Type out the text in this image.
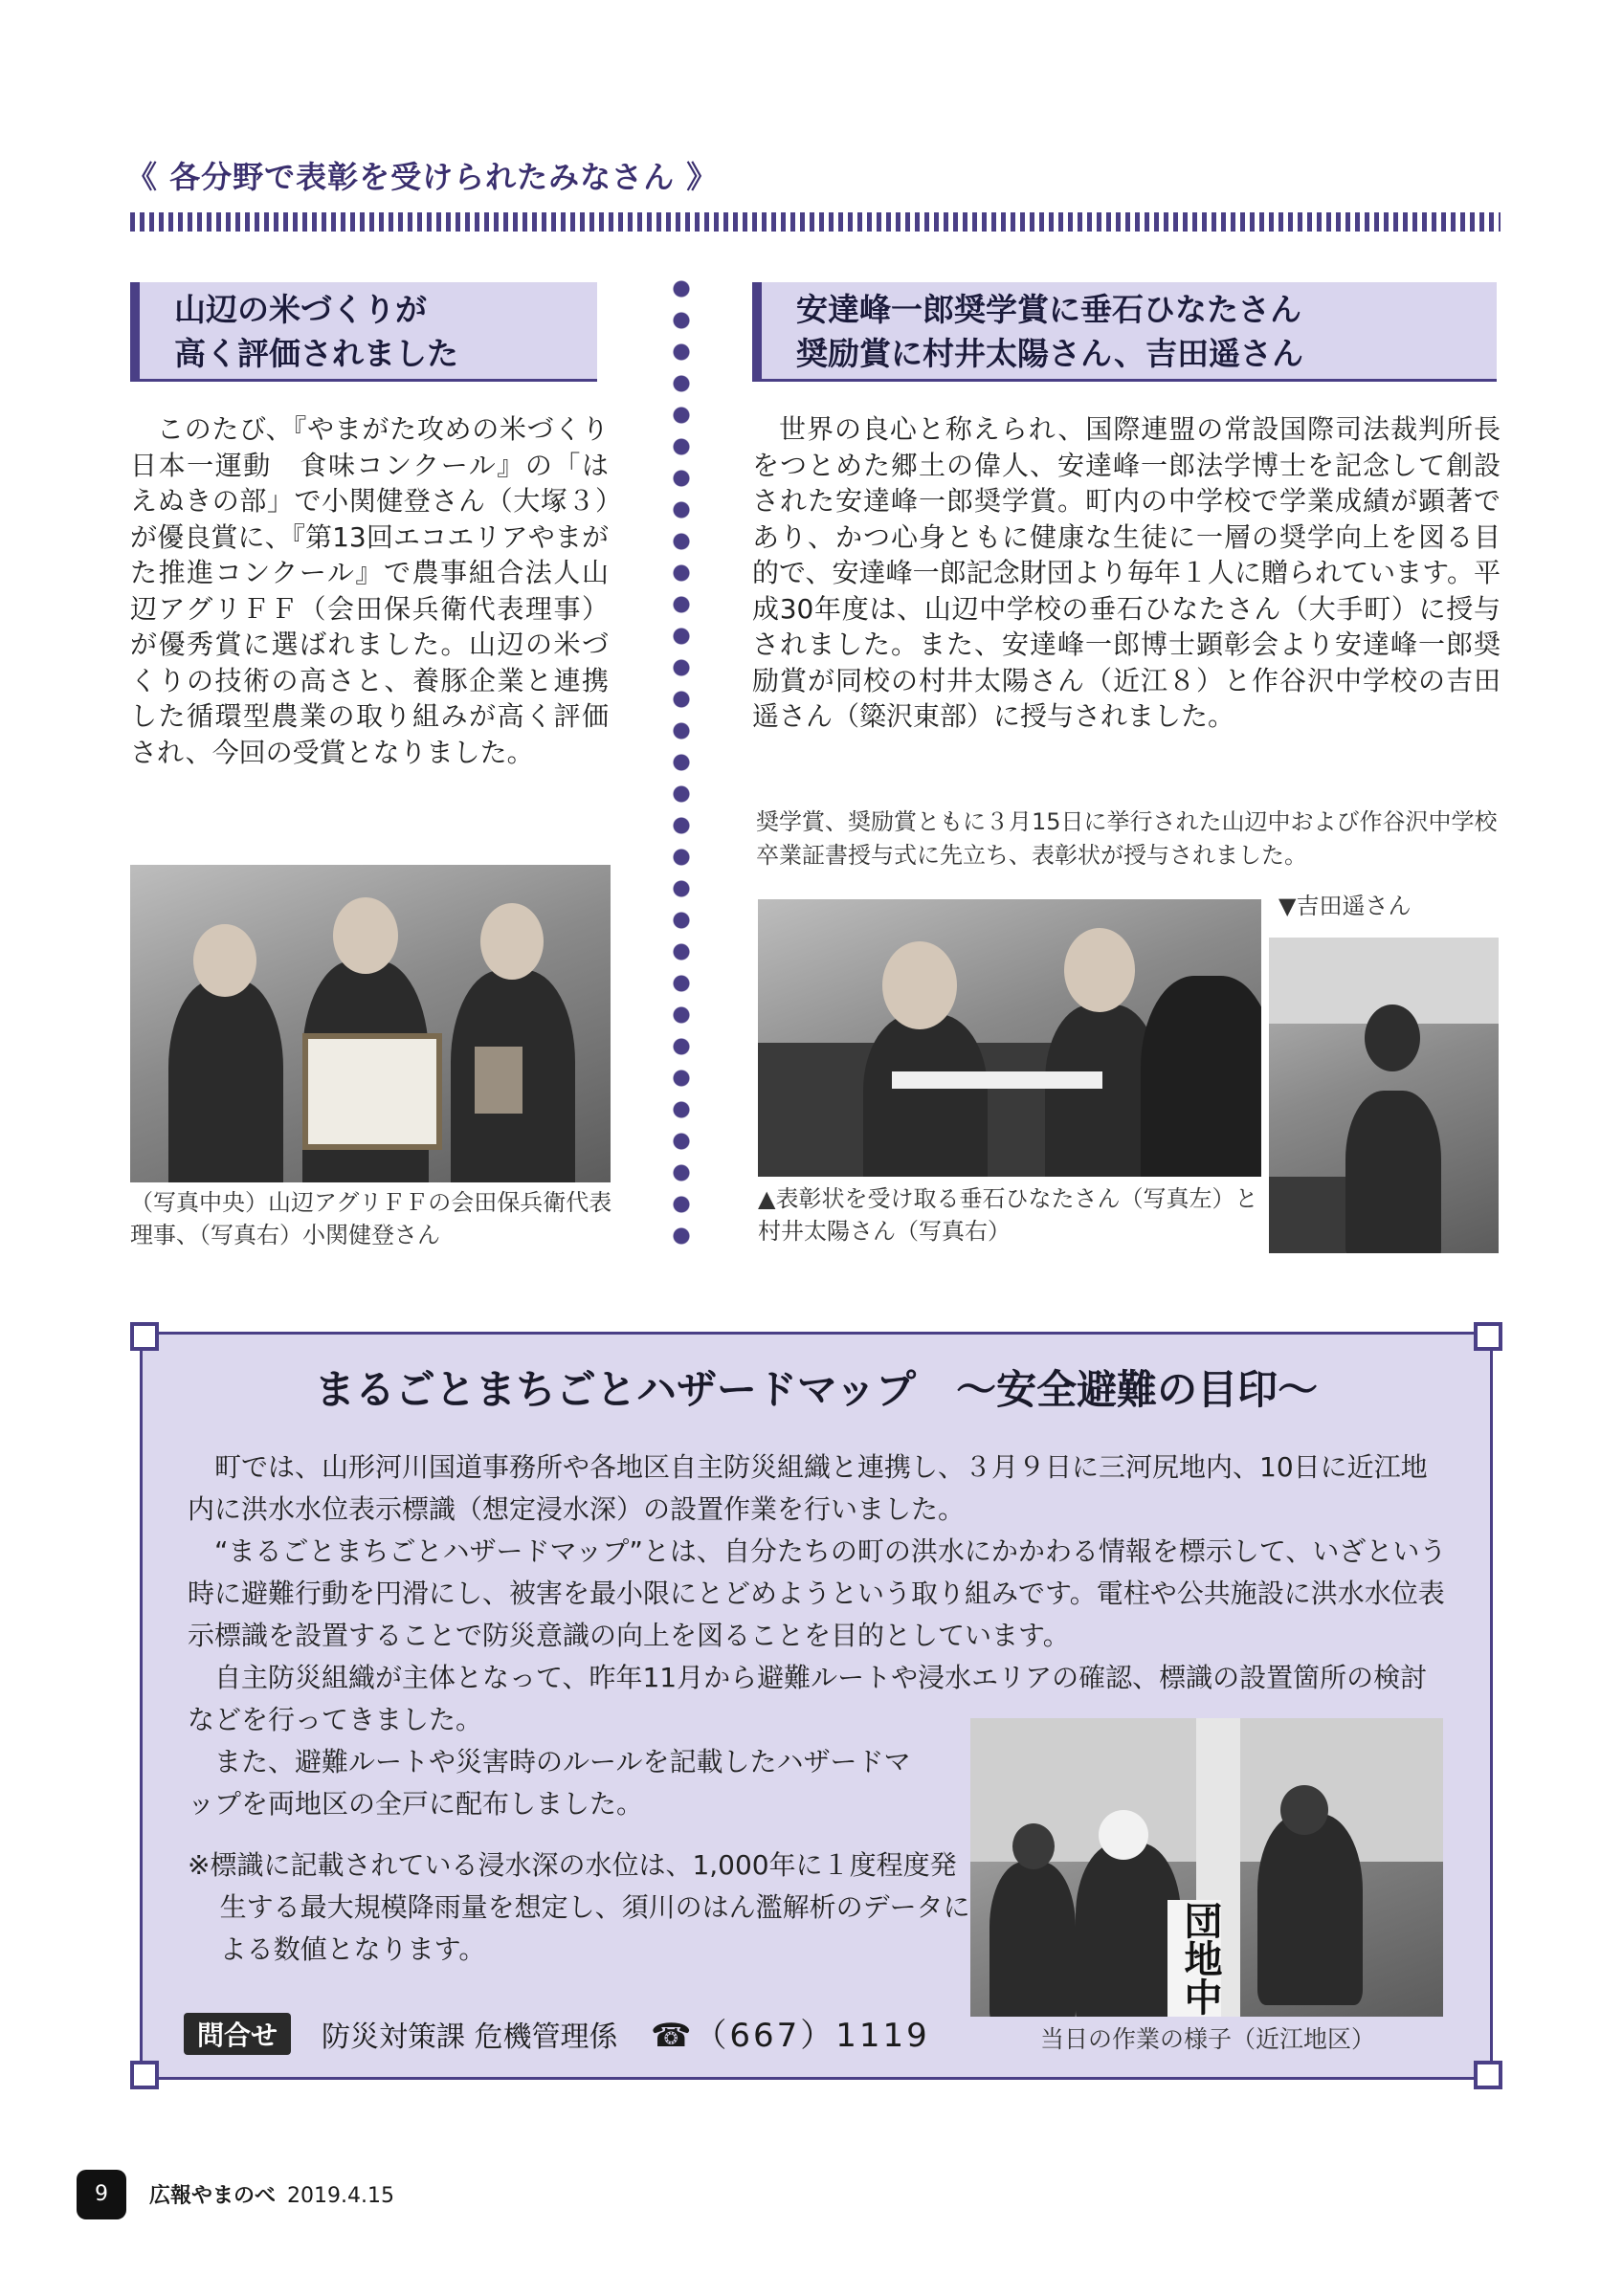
《 各分野で表彰を受けられたみなさん 》
山辺の米づくりが
高く評価されました

このたび、『やまがた攻めの米づくり日本一運動　食味コンクール』の「はえぬきの部」で小関健登さん（大塚３）が優良賞に、『第13回エコエリアやまがた推進コンクール』で農事組合法人山辺アグリＦＦ（会田保兵衛代表理事）が優秀賞に選ばれました。山辺の米づくりの技術の高さと、養豚企業と連携した循環型農業の取り組みが高く評価され、今回の受賞となりました。

（写真中央）山辺アグリＦＦの会田保兵衛代表理事、（写真右）小関健登さん
安達峰一郎奨学賞に垂石ひなたさん
奨励賞に村井太陽さん、吉田遥さん

世界の良心と称えられ、国際連盟の常設国際司法裁判所長をつとめた郷土の偉人、安達峰一郎法学博士を記念して創設された安達峰一郎奨学賞。町内の中学校で学業成績が顕著であり、かつ心身ともに健康な生徒に一層の奨学向上を図る目的で、安達峰一郎記念財団より毎年１人に贈られています。平成30年度は、山辺中学校の垂石ひなたさん（大手町）に授与されました。また、安達峰一郎博士顕彰会より安達峰一郎奨励賞が同校の村井太陽さん（近江８）と作谷沢中学校の吉田遥さん（簗沢東部）に授与されました。

奨学賞、奨励賞ともに３月15日に挙行された山辺中および作谷沢中学校卒業証書授与式に先立ち、表彰状が授与されました。
▼吉田遥さん
▲表彰状を受け取る垂石ひなたさん（写真左）と村井太陽さん（写真右）
まるごとまちごとハザードマップ　～安全避難の目印～

町では、山形河川国道事務所や各地区自主防災組織と連携し、３月９日に三河尻地内、10日に近江地内に洪水水位表示標識（想定浸水深）の設置作業を行いました。

“まるごとまちごとハザードマップ”とは、自分たちの町の洪水にかかわる情報を標示して、いざという時に避難行動を円滑にし、被害を最小限にとどめようという取り組みです。電柱や公共施設に洪水水位表示標識を設置することで防災意識の向上を図ることを目的としています。

自主防災組織が主体となって、昨年11月から避難ルートや浸水エリアの確認、標識の設置箇所の検討などを行ってきました。

また、避難ルートや災害時のルールを記載したハザードマップを両地区の全戸に配布しました。

※標識に記載されている浸水深の水位は、1,000年に１度程度発生する最大規模降雨量を想定し、須川のはん濫解析のデータによる数値となります。	団地中
当日の作業の様子（近江地区）
問合せ	防災対策課 危機管理係 ☎（667）1119
9	広報やまのべ 2019.4.15
